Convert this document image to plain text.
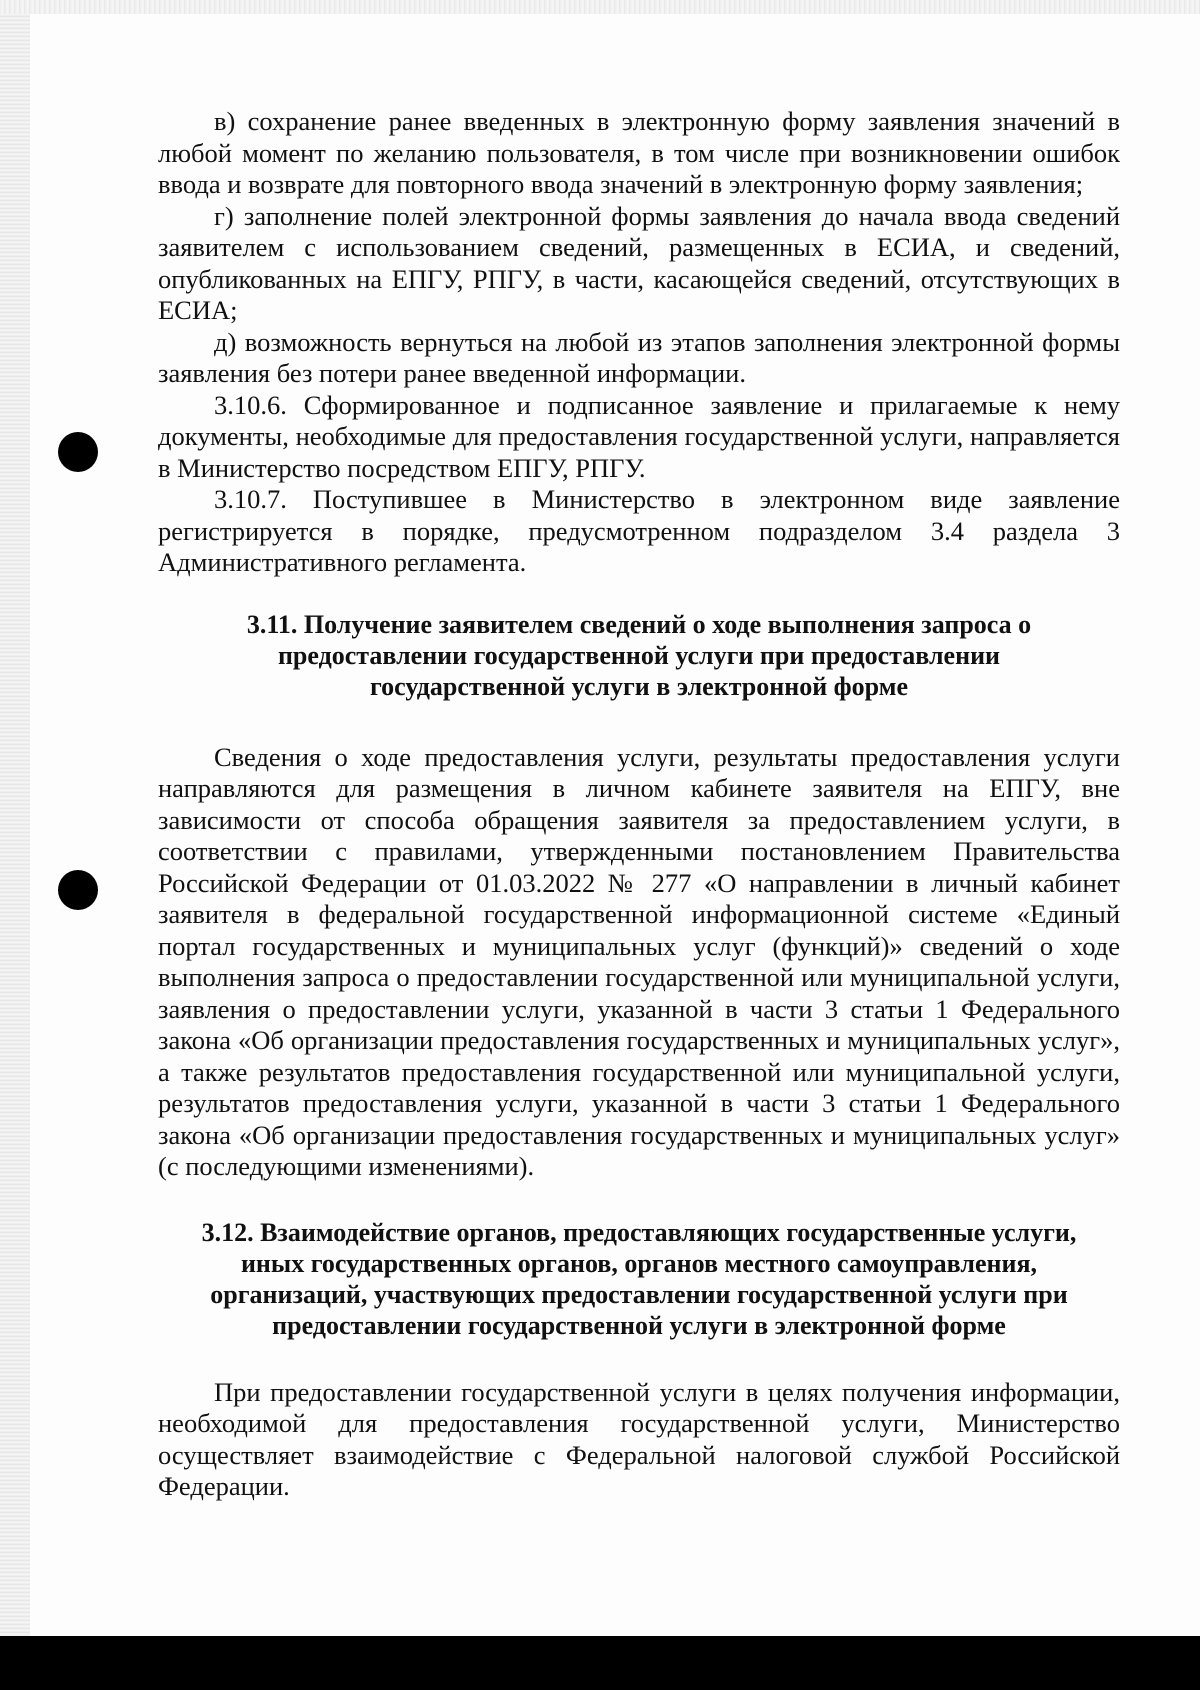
в) сохранение ранее введенных в электронную форму заявления значений в любой момент по желанию пользователя, в том числе при возникновении ошибок ввода и возврате для повторного ввода значений в электронную форму заявления;

г) заполнение полей электронной формы заявления до начала ввода сведений заявителем с использованием сведений, размещенных в ЕСИА, и сведений, опубликованных на ЕПГУ, РПГУ, в части, касающейся сведений, отсутствующих в ЕСИА;

д) возможность вернуться на любой из этапов заполнения электронной формы заявления без потери ранее введенной информации.

3.10.6. Сформированное и подписанное заявление и прилагаемые к нему документы, необходимые для предоставления государственной услуги, направляется в Министерство посредством ЕПГУ, РПГУ.

3.10.7. Поступившее в Министерство в электронном виде заявление регистрируется в порядке, предусмотренном подразделом 3.4 раздела 3 Административного регламента.

3.11. Получение заявителем сведений о ходе выполнения запроса о
предоставлении государственной услуги при предоставлении
государственной услуги в электронной форме

Сведения о ходе предоставления услуги, результаты предоставления услуги направляются для размещения в личном кабинете заявителя на ЕПГУ, вне зависимости от способа обращения заявителя за предоставлением услуги, в соответствии с правилами, утвержденными постановлением Правительства Российской Федерации от 01.03.2022 № 277 «О направлении в личный кабинет заявителя в федеральной государственной информационной системе «Единый портал государственных и муниципальных услуг (функций)» сведений о ходе выполнения запроса о предоставлении государственной или муниципальной услуги, заявления о предоставлении услуги, указанной в части 3 статьи 1 Федерального закона «Об организации предоставления государственных и муниципальных услуг», а также результатов предоставления государственной или муниципальной услуги, результатов предоставления услуги, указанной в части 3 статьи 1 Федерального закона «Об организации предоставления государственных и муниципальных услуг» (с последующими изменениями).

3.12. Взаимодействие органов, предоставляющих государственные услуги,
иных государственных органов, органов местного самоуправления,
организаций, участвующих предоставлении государственной услуги при
предоставлении государственной услуги в электронной форме

При предоставлении государственной услуги в целях получения информации, необходимой для предоставления государственной услуги, Министерство осуществляет взаимодействие с Федеральной налоговой службой Российской Федерации.
